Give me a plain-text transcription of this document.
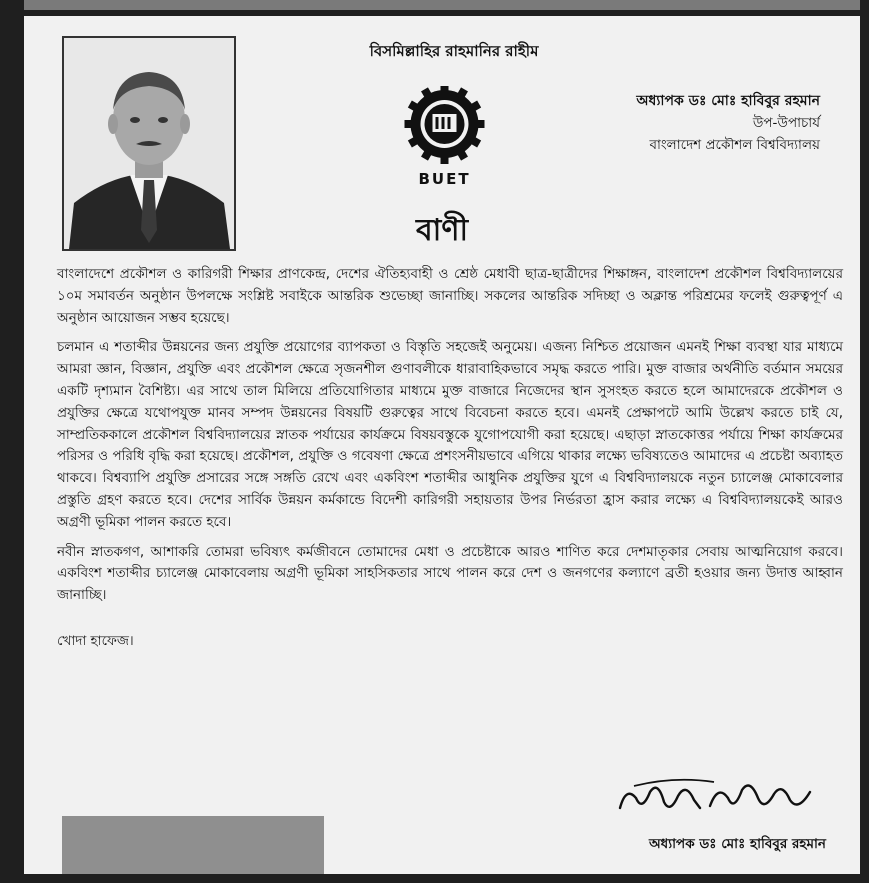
বিসমিল্লাহির রাহমানির রাহীম
BUET
অধ্যাপক ডঃ মোঃ হাবিবুর রহমান
উপ-উপাচার্য
বাংলাদেশ প্রকৌশল বিশ্ববিদ্যালয়
বাণী

বাংলাদেশে প্রকৌশল ও কারিগরী শিক্ষার প্রাণকেন্দ্র, দেশের ঐতিহ্যবাহী ও শ্রেষ্ঠ মেধাবী ছাত্র-ছাত্রীদের শিক্ষাঙ্গন, বাংলাদেশ প্রকৌশল বিশ্ববিদ্যালয়ের ১০ম সমাবর্তন অনুষ্ঠান উপলক্ষে সংশ্লিষ্ট সবাইকে আন্তরিক শুভেচ্ছা জানাচ্ছি। সকলের আন্তরিক সদিচ্ছা ও অক্লান্ত পরিশ্রমের ফলেই গুরুত্বপূর্ণ এ অনুষ্ঠান আয়োজন সম্ভব হয়েছে।

চলমান এ শতাব্দীর উন্নয়নের জন্য প্রযুক্তি প্রয়োগের ব্যাপকতা ও বিস্তৃতি সহজেই অনুমেয়। এজন্য নিশ্চিত প্রয়োজন এমনই শিক্ষা ব্যবস্থা যার মাধ্যমে আমরা জ্ঞান, বিজ্ঞান, প্রযুক্তি এবং প্রকৌশল ক্ষেত্রে সৃজনশীল গুণাবলীকে ধারাবাহিকভাবে সমৃদ্ধ করতে পারি। মুক্ত বাজার অর্থনীতি বর্তমান সময়ের একটি দৃশ্যমান বৈশিষ্ট্য। এর সাথে তাল মিলিয়ে প্রতিযোগিতার মাধ্যমে মুক্ত বাজারে নিজেদের স্থান সুসংহত করতে হলে আমাদেরকে প্রকৌশল ও প্রযুক্তির ক্ষেত্রে যথোপযুক্ত মানব সম্পদ উন্নয়নের বিষয়টি গুরুত্বের সাথে বিবেচনা করতে হবে। এমনই প্রেক্ষাপটে আমি উল্লেখ করতে চাই যে, সাম্প্রতিককালে প্রকৌশল বিশ্ববিদ্যালয়ের স্নাতক পর্যায়ের কার্যক্রমে বিষয়বস্তুকে যুগোপযোগী করা হয়েছে। এছাড়া স্নাতকোত্তর পর্যায়ে শিক্ষা কার্যক্রমের পরিসর ও পরিধি বৃদ্ধি করা হয়েছে। প্রকৌশল, প্রযুক্তি ও গবেষণা ক্ষেত্রে প্রশংসনীয়ভাবে এগিয়ে থাকার লক্ষ্যে ভবিষ্যতেও আমাদের এ প্রচেষ্টা অব্যাহত থাকবে। বিশ্বব্যাপি প্রযুক্তি প্রসারের সঙ্গে সঙ্গতি রেখে এবং একবিংশ শতাব্দীর আধুনিক প্রযুক্তির যুগে এ বিশ্ববিদ্যালয়কে নতুন চ্যালেঞ্জ মোকাবেলার প্রস্তুতি গ্রহণ করতে হবে। দেশের সার্বিক উন্নয়ন কর্মকান্ডে বিদেশী কারিগরী সহায়তার উপর নির্ভরতা হ্রাস করার লক্ষ্যে এ বিশ্ববিদ্যালয়কেই আরও অগ্রণী ভূমিকা পালন করতে হবে।

নবীন স্নাতকগণ, আশাকরি তোমরা ভবিষ্যৎ কর্মজীবনে তোমাদের মেধা ও প্রচেষ্টাকে আরও শাণিত করে দেশমাতৃকার সেবায় আত্মনিয়োগ করবে। একবিংশ শতাব্দীর চ্যালেঞ্জ মোকাবেলায় অগ্রণী ভূমিকা সাহসিকতার সাথে পালন করে দেশ ও জনগণের কল্যাণে ব্রতী হওয়ার জন্য উদাত্ত আহ্বান জানাচ্ছি।

খোদা হাফেজ।

অধ্যাপক ডঃ মোঃ হাবিবুর রহমান
